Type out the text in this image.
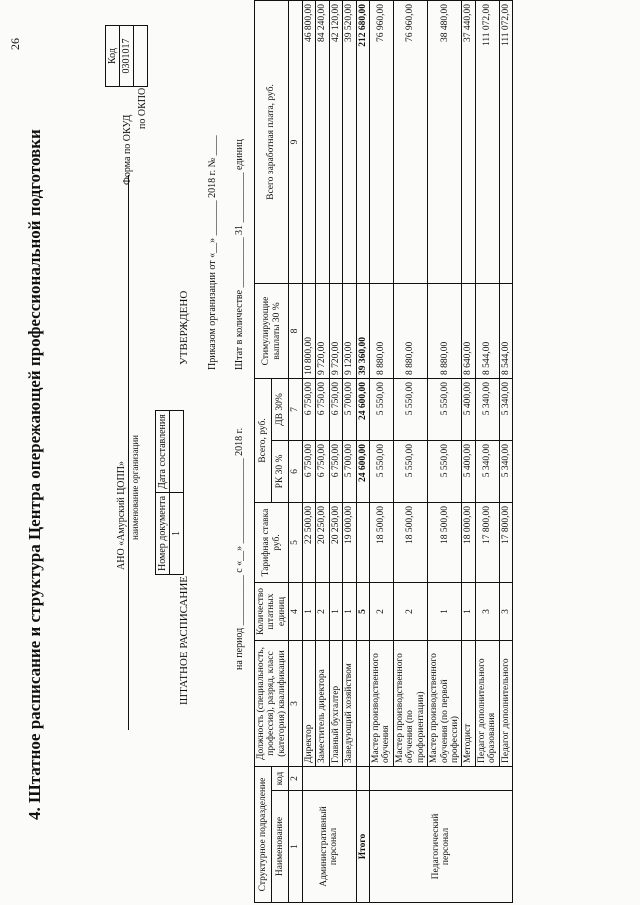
26
4. Штатное расписание и структура Центра опережающей профессиональной подготовки
Код
0301017

Форма по ОКУД
по ОКПО
АНО «Амурский ЦОПП» наименование организации Номер документа	Дата составления
1	
ШТАТНОЕ РАСПИСАНИЕ
УТВЕРЖДЕНО Приказом организации от «__» _______ 2018 г. № ____
на период __________ с «__» _________________ 2018 г.
Штат в количестве __________ 31 __________ единиц
Структурное подразделение		Должность (специальность, профессия), разряд, класс (категория) квалификации	Количество штатных единиц	Тарифная ставка руб.	Всего, руб.		Стимулирующие выплаты 30 %	Всего заработная плата, руб.
Наименование	код				РК 30 %	ДВ 30%		
1	2	3	4	5	6	7	8	9
Административный персонал		Директор	1	22 500,00	6 750,00	6 750,00	10 800,00	46 800,00
		Заместитель директора	2	20 250,00	6 750,00	6 750,00	9 720,00	84 240,00
		Главный бухгалтер	1	20 250,00	6 750,00	6 750,00	9 720,00	42 120,00
		Заведующий хозяйством	1	19 000,00	5 700,00	5 700,00	9 120,00	39 520,00
Итого			5		24 600,00	24 600,00	39 360,00	212 680,00
Педагогический персонал		Мастер производственного обучения	2	18 500,00	5 550,00	5 550,00	8 880,00	76 960,00
		Мастер производственного обучения (по профориентации)	2	18 500,00	5 550,00	5 550,00	8 880,00	76 960,00
		Мастер производственного обучения (по первой профессии)	1	18 500,00	5 550,00	5 550,00	8 880,00	38 480,00
		Методист	1	18 000,00	5 400,00	5 400,00	8 640,00	37 440,00
		Педагог дополнительного образования	3	17 800,00	5 340,00	5 340,00	8 544,00	111 072,00
		Педагог дополнительного	3	17 800,00	5 340,00	5 340,00	8 544,00	111 072,00
